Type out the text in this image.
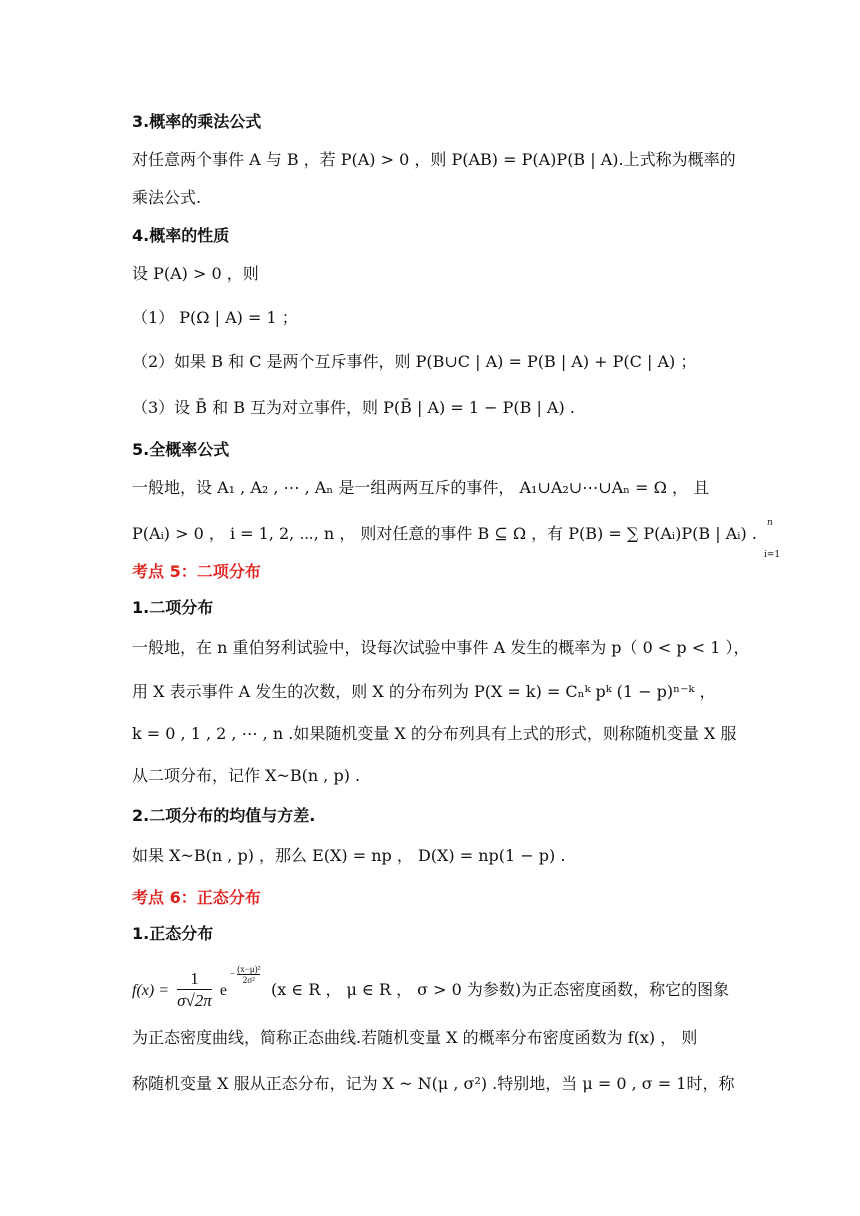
3.概率的乘法公式
对任意两个事件 A 与 B ，若 P(A) > 0 ，则 P(AB) = P(A)P(B | A).上式称为概率的
乘法公式.
4.概率的性质
设 P(A) > 0 ，则
（1） P(Ω | A) = 1 ；
（2）如果 B 和 C 是两个互斥事件，则 P(B∪C | A) = P(B | A) + P(C | A) ；
（3）设 B̄ 和 B 互为对立事件，则 P(B̄ | A) = 1 − P(B | A) .
5.全概率公式
一般地，设 A₁ , A₂ , ⋯ , Aₙ 是一组两两互斥的事件， A₁∪A₂∪⋯∪Aₙ = Ω ， 且
P(Aᵢ) > 0 ， i = 1, 2, ⋯, n ， 则对任意的事件 B ⊆ Ω ，有 P(B) = ∑ P(Aᵢ)P(B | Aᵢ) .
n
i=1
考点 5：二项分布
1.二项分布
一般地，在 n 重伯努利试验中，设每次试验中事件 A 发生的概率为 p（ 0 < p < 1 ），
用 X 表示事件 A 发生的次数，则 X 的分布列为 P(X = k) = Cₙᵏ pᵏ (1 − p)ⁿ⁻ᵏ ，
k = 0 , 1 , 2 , ⋯ , n .如果随机变量 X 的分布列具有上式的形式，则称随机变量 X 服
从二项分布，记作 X~B(n , p) .
2.二项分布的均值与方差.
如果 X~B(n , p) ，那么 E(X) = np ， D(X) = np(1 − p) .
考点 6：正态分布
1.正态分布
$f(x) = \frac{1}{\sigma√2\pi}$ e
− $\frac{\text{(x−μ)²}}{\text{2σ²}}$
(x ∈ R ， μ ∈ R ， σ > 0 为参数)为正态密度函数，称它的图象
为正态密度曲线，简称正态曲线.若随机变量 X 的概率分布密度函数为 f(x) ， 则
称随机变量 X 服从正态分布，记为 X ~ N(μ , σ²) .特别地，当 μ = 0 , σ = 1时，称
